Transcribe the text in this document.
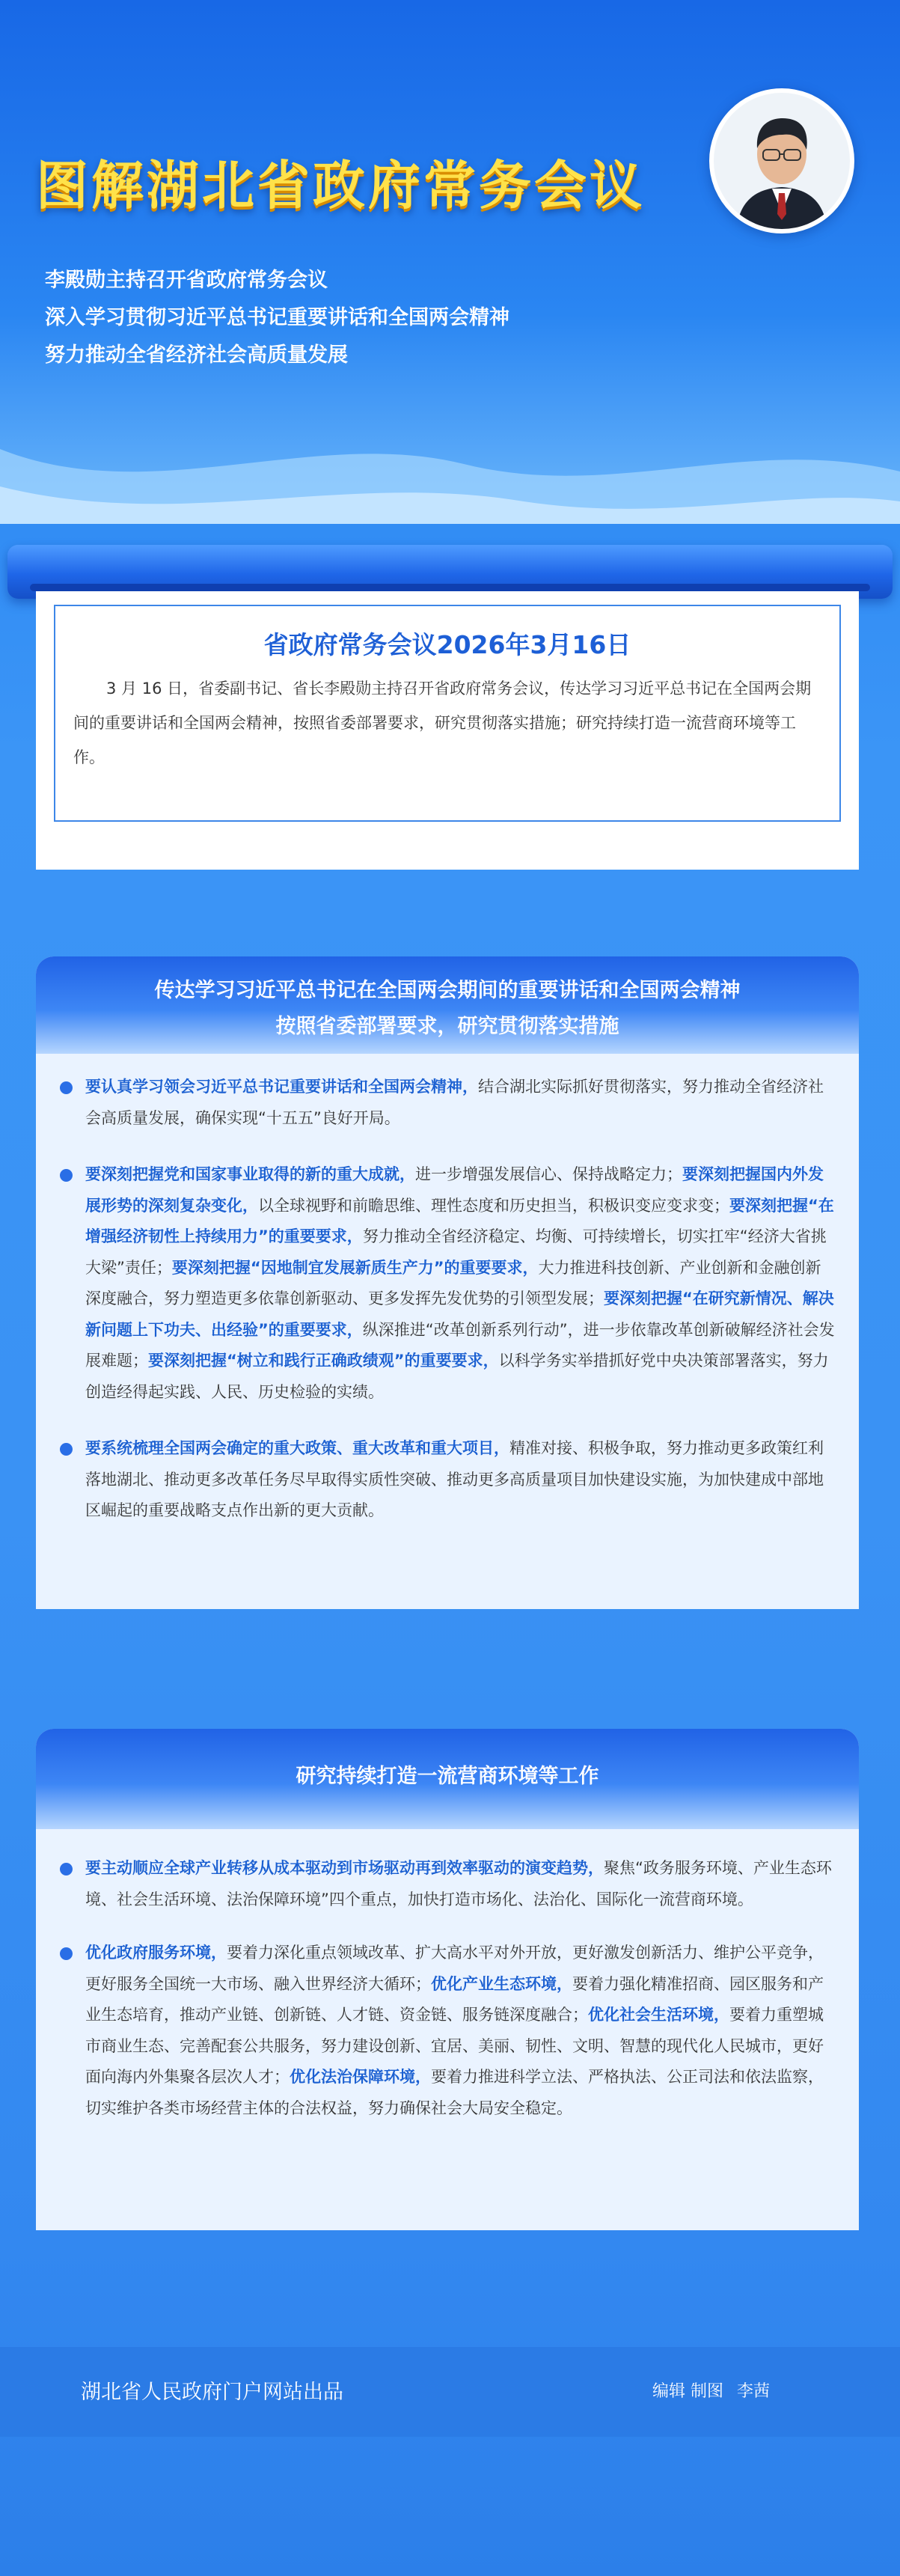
图解湖北省政府常务会议
李殿勋主持召开省政府常务会议
深入学习贯彻习近平总书记重要讲话和全国两会精神
努力推动全省经济社会高质量发展
省政府常务会议2026年3月16日
3 月 16 日，省委副书记、省长李殿勋主持召开省政府常务会议，传达学习习近平总书记在全国两会期间的重要讲话和全国两会精神，按照省委部署要求，研究贯彻落实措施；研究持续打造一流营商环境等工作。
传达学习习近平总书记在全国两会期间的重要讲话和全国两会精神
按照省委部署要求，研究贯彻落实措施
要认真学习领会习近平总书记重要讲话和全国两会精神，结合湖北实际抓好贯彻落实，努力推动全省经济社会高质量发展，确保实现“十五五”良好开局。
要深刻把握党和国家事业取得的新的重大成就，进一步增强发展信心、保持战略定力；要深刻把握国内外发展形势的深刻复杂变化，以全球视野和前瞻思维、理性态度和历史担当，积极识变应变求变；要深刻把握“在增强经济韧性上持续用力”的重要要求，努力推动全省经济稳定、均衡、可持续增长，切实扛牢“经济大省挑大梁”责任；要深刻把握“因地制宜发展新质生产力”的重要要求，大力推进科技创新、产业创新和金融创新深度融合，努力塑造更多依靠创新驱动、更多发挥先发优势的引领型发展；要深刻把握“在研究新情况、解决新问题上下功夫、出经验”的重要要求，纵深推进“改革创新系列行动”，进一步依靠改革创新破解经济社会发展难题；要深刻把握“树立和践行正确政绩观”的重要要求，以科学务实举措抓好党中央决策部署落实，努力创造经得起实践、人民、历史检验的实绩。
要系统梳理全国两会确定的重大政策、重大改革和重大项目，精准对接、积极争取，努力推动更多政策红利落地湖北、推动更多改革任务尽早取得实质性突破、推动更多高质量项目加快建设实施，为加快建成中部地区崛起的重要战略支点作出新的更大贡献。
研究持续打造一流营商环境等工作
要主动顺应全球产业转移从成本驱动到市场驱动再到效率驱动的演变趋势，聚焦“政务服务环境、产业生态环境、社会生活环境、法治保障环境”四个重点，加快打造市场化、法治化、国际化一流营商环境。
优化政府服务环境，要着力深化重点领域改革、扩大高水平对外开放，更好激发创新活力、维护公平竞争，更好服务全国统一大市场、融入世界经济大循环；优化产业生态环境，要着力强化精准招商、园区服务和产业生态培育，推动产业链、创新链、人才链、资金链、服务链深度融合；优化社会生活环境，要着力重塑城市商业生态、完善配套公共服务，努力建设创新、宜居、美丽、韧性、文明、智慧的现代化人民城市，更好面向海内外集聚各层次人才；优化法治保障环境，要着力推进科学立法、严格执法、公正司法和依法监察，切实维护各类市场经营主体的合法权益，努力确保社会大局安全稳定。
湖北省人民政府门户网站出品	编辑 制图 李茜
